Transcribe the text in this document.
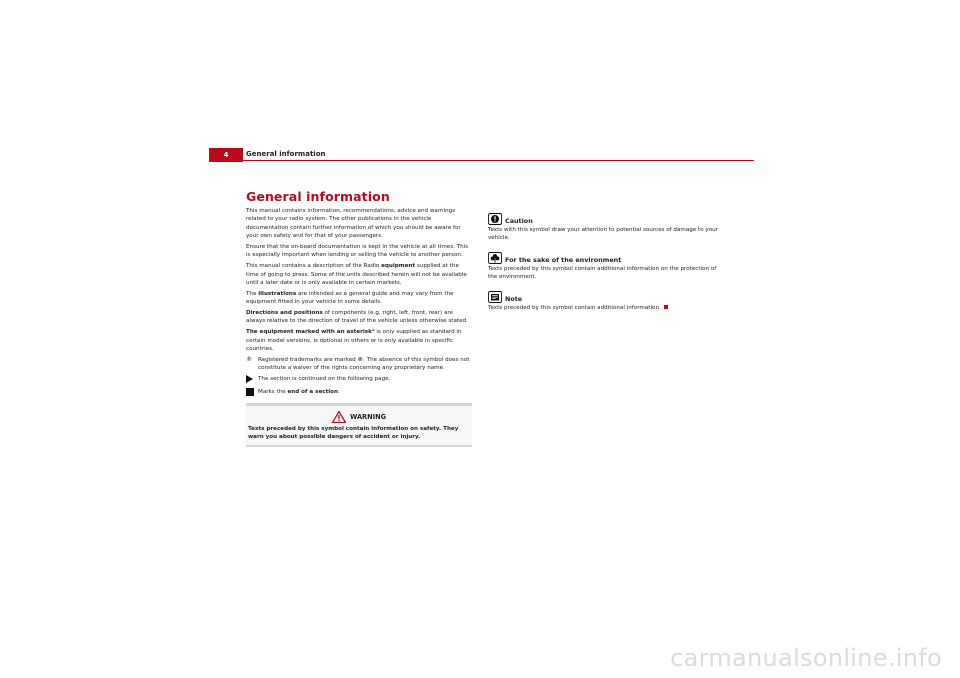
4	General information
General information

This manual contains information, recommendations, advice and warnings related to your radio system. The other publications in the vehicle documentation contain further information of which you should be aware for your own safety and for that of your passengers.

Ensure that the on-board documentation is kept in the vehicle at all times. This is especially important when lending or selling the vehicle to another person.

This manual contains a description of the Radio equipment supplied at the time of going to press. Some of the units described herein will not be available until a later date or is only available in certain markets.

The illustrations are intended as a general guide and may vary from the equipment fitted in your vehicle in some details.

Directions and positions of components (e.g. right, left, front, rear) are always relative to the direction of travel of the vehicle unless otherwise stated.

The equipment marked with an asterisk* is only supplied as standard in certain model versions, is optional in others or is only available in specific countries.

®	Registered trademarks are marked ®. The absence of this symbol does not constitute a waiver of the rights concerning any proprietary name.
The section is continued on the following page.
Marks the end of a section.
WARNING
Texts preceded by this symbol contain information on safety. They warn you about possible dangers of accident or injury.
Caution

Texts with this symbol draw your attention to potential sources of damage to your vehicle.

For the sake of the environment

Texts preceded by this symbol contain additional information on the protection of the environment.

Note

Texts preceded by this symbol contain additional information.

carmanualsonline.info
